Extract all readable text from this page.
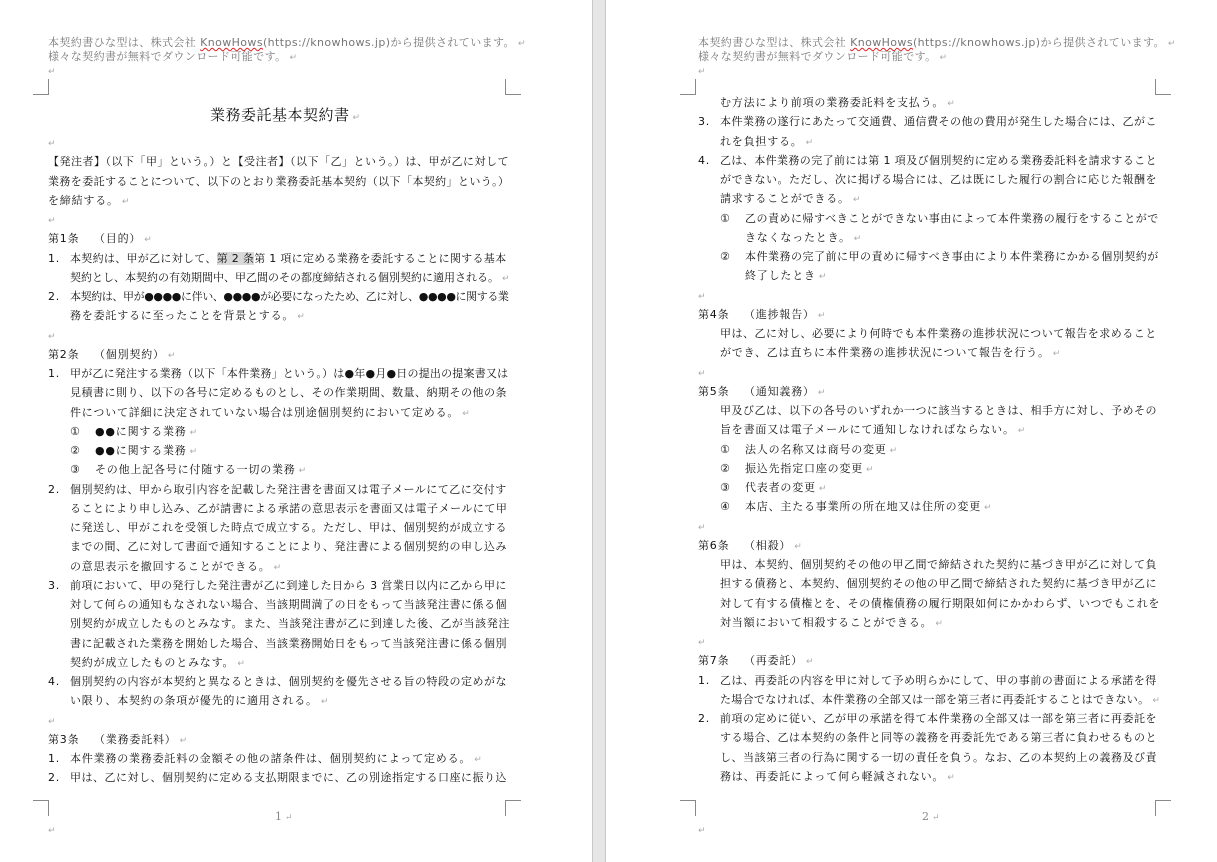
本契約書ひな型は、株式会社 KnowHows(https://knowhows.jp)から提供されています。 ↵
様々な契約書が無料でダウンロード可能です。 ↵
↵
業務委託基本契約書 ↵
↵
【発注者】（以下「甲」という。）と【受注者】（以下「乙」という。）は、甲が乙に対して
業務を委託することについて、以下のとおり業務委託基本契約（以下「本契約」という。）
を締結する。 ↵
↵
第1条 （目的） ↵
1. 本契約は、甲が乙に対して、第 2 条第 1 項に定める業務を委託することに関する基本
契約とし、本契約の有効期間中、甲乙間のその都度締結される個別契約に適用される。 ↵
2. 本契約は、甲が●●●●に伴い、●●●●が必要になったため、乙に対し、●●●●に関する業
務を委託するに至ったことを背景とする。 ↵
↵
第2条 （個別契約） ↵
1. 甲が乙に発注する業務（以下「本件業務」という。）は●年●月●日の提出の提案書又は
見積書に則り、以下の各号に定めるものとし、その作業期間、数量、納期その他の条
件について詳細に決定されていない場合は別途個別契約において定める。 ↵
① ●●に関する業務 ↵
② ●●に関する業務 ↵
③ その他上記各号に付随する一切の業務 ↵
2. 個別契約は、甲から取引内容を記載した発注書を書面又は電子メールにて乙に交付す
ることにより申し込み、乙が請書による承諾の意思表示を書面又は電子メールにて甲
に発送し、甲がこれを受領した時点で成立する。ただし、甲は、個別契約が成立する
までの間、乙に対して書面で通知することにより、発注書による個別契約の申し込み
の意思表示を撤回することができる。 ↵
3. 前項において、甲の発行した発注書が乙に到達した日から 3 営業日以内に乙から甲に
対して何らの通知もなされない場合、当該期間満了の日をもって当該発注書に係る個
別契約が成立したものとみなす。また、当該発注書が乙に到達した後、乙が当該発注
書に記載された業務を開始した場合、当該業務開始日をもって当該発注書に係る個別
契約が成立したものとみなす。 ↵
4. 個別契約の内容が本契約と異なるときは、個別契約を優先させる旨の特段の定めがな
い限り、本契約の条項が優先的に適用される。 ↵
↵
第3条 （業務委託料） ↵
1. 本件業務の業務委託料の金額その他の諸条件は、個別契約によって定める。 ↵
2. 甲は、乙に対し、個別契約に定める支払期限までに、乙の別途指定する口座に振り込
1 ↵
↵
本契約書ひな型は、株式会社 KnowHows(https://knowhows.jp)から提供されています。 ↵
様々な契約書が無料でダウンロード可能です。 ↵
↵
む方法により前項の業務委託料を支払う。 ↵
3. 本件業務の遂行にあたって交通費、通信費その他の費用が発生した場合には、乙がこ
れを負担する。 ↵
4. 乙は、本件業務の完了前には第 1 項及び個別契約に定める業務委託料を請求すること
ができない。ただし、次に掲げる場合には、乙は既にした履行の割合に応じた報酬を
請求することができる。 ↵
① 乙の責めに帰すべきことができない事由によって本件業務の履行をすることがで
きなくなったとき。 ↵
② 本件業務の完了前に甲の責めに帰すべき事由により本件業務にかかる個別契約が
終了したとき ↵
↵
第4条 （進捗報告） ↵
甲は、乙に対し、必要により何時でも本件業務の進捗状況について報告を求めること
ができ、乙は直ちに本件業務の進捗状況について報告を行う。 ↵
↵
第5条 （通知義務） ↵
甲及び乙は、以下の各号のいずれか一つに該当するときは、相手方に対し、予めその
旨を書面又は電子メールにて通知しなければならない。 ↵
① 法人の名称又は商号の変更 ↵
② 振込先指定口座の変更 ↵
③ 代表者の変更 ↵
④ 本店、主たる事業所の所在地又は住所の変更 ↵
↵
第6条 （相殺） ↵
甲は、本契約、個別契約その他の甲乙間で締結された契約に基づき甲が乙に対して負
担する債務と、本契約、個別契約その他の甲乙間で締結された契約に基づき甲が乙に
対して有する債権とを、その債権債務の履行期限如何にかかわらず、いつでもこれを
対当額において相殺することができる。 ↵
↵
第7条 （再委託） ↵
1. 乙は、再委託の内容を甲に対して予め明らかにして、甲の事前の書面による承諾を得
た場合でなければ、本件業務の全部又は一部を第三者に再委託することはできない。 ↵
2. 前項の定めに従い、乙が甲の承諾を得て本件業務の全部又は一部を第三者に再委託を
する場合、乙は本契約の条件と同等の義務を再委託先である第三者に負わせるものと
し、当該第三者の行為に関する一切の責任を負う。なお、乙の本契約上の義務及び責
務は、再委託によって何ら軽減されない。 ↵
2 ↵
↵
